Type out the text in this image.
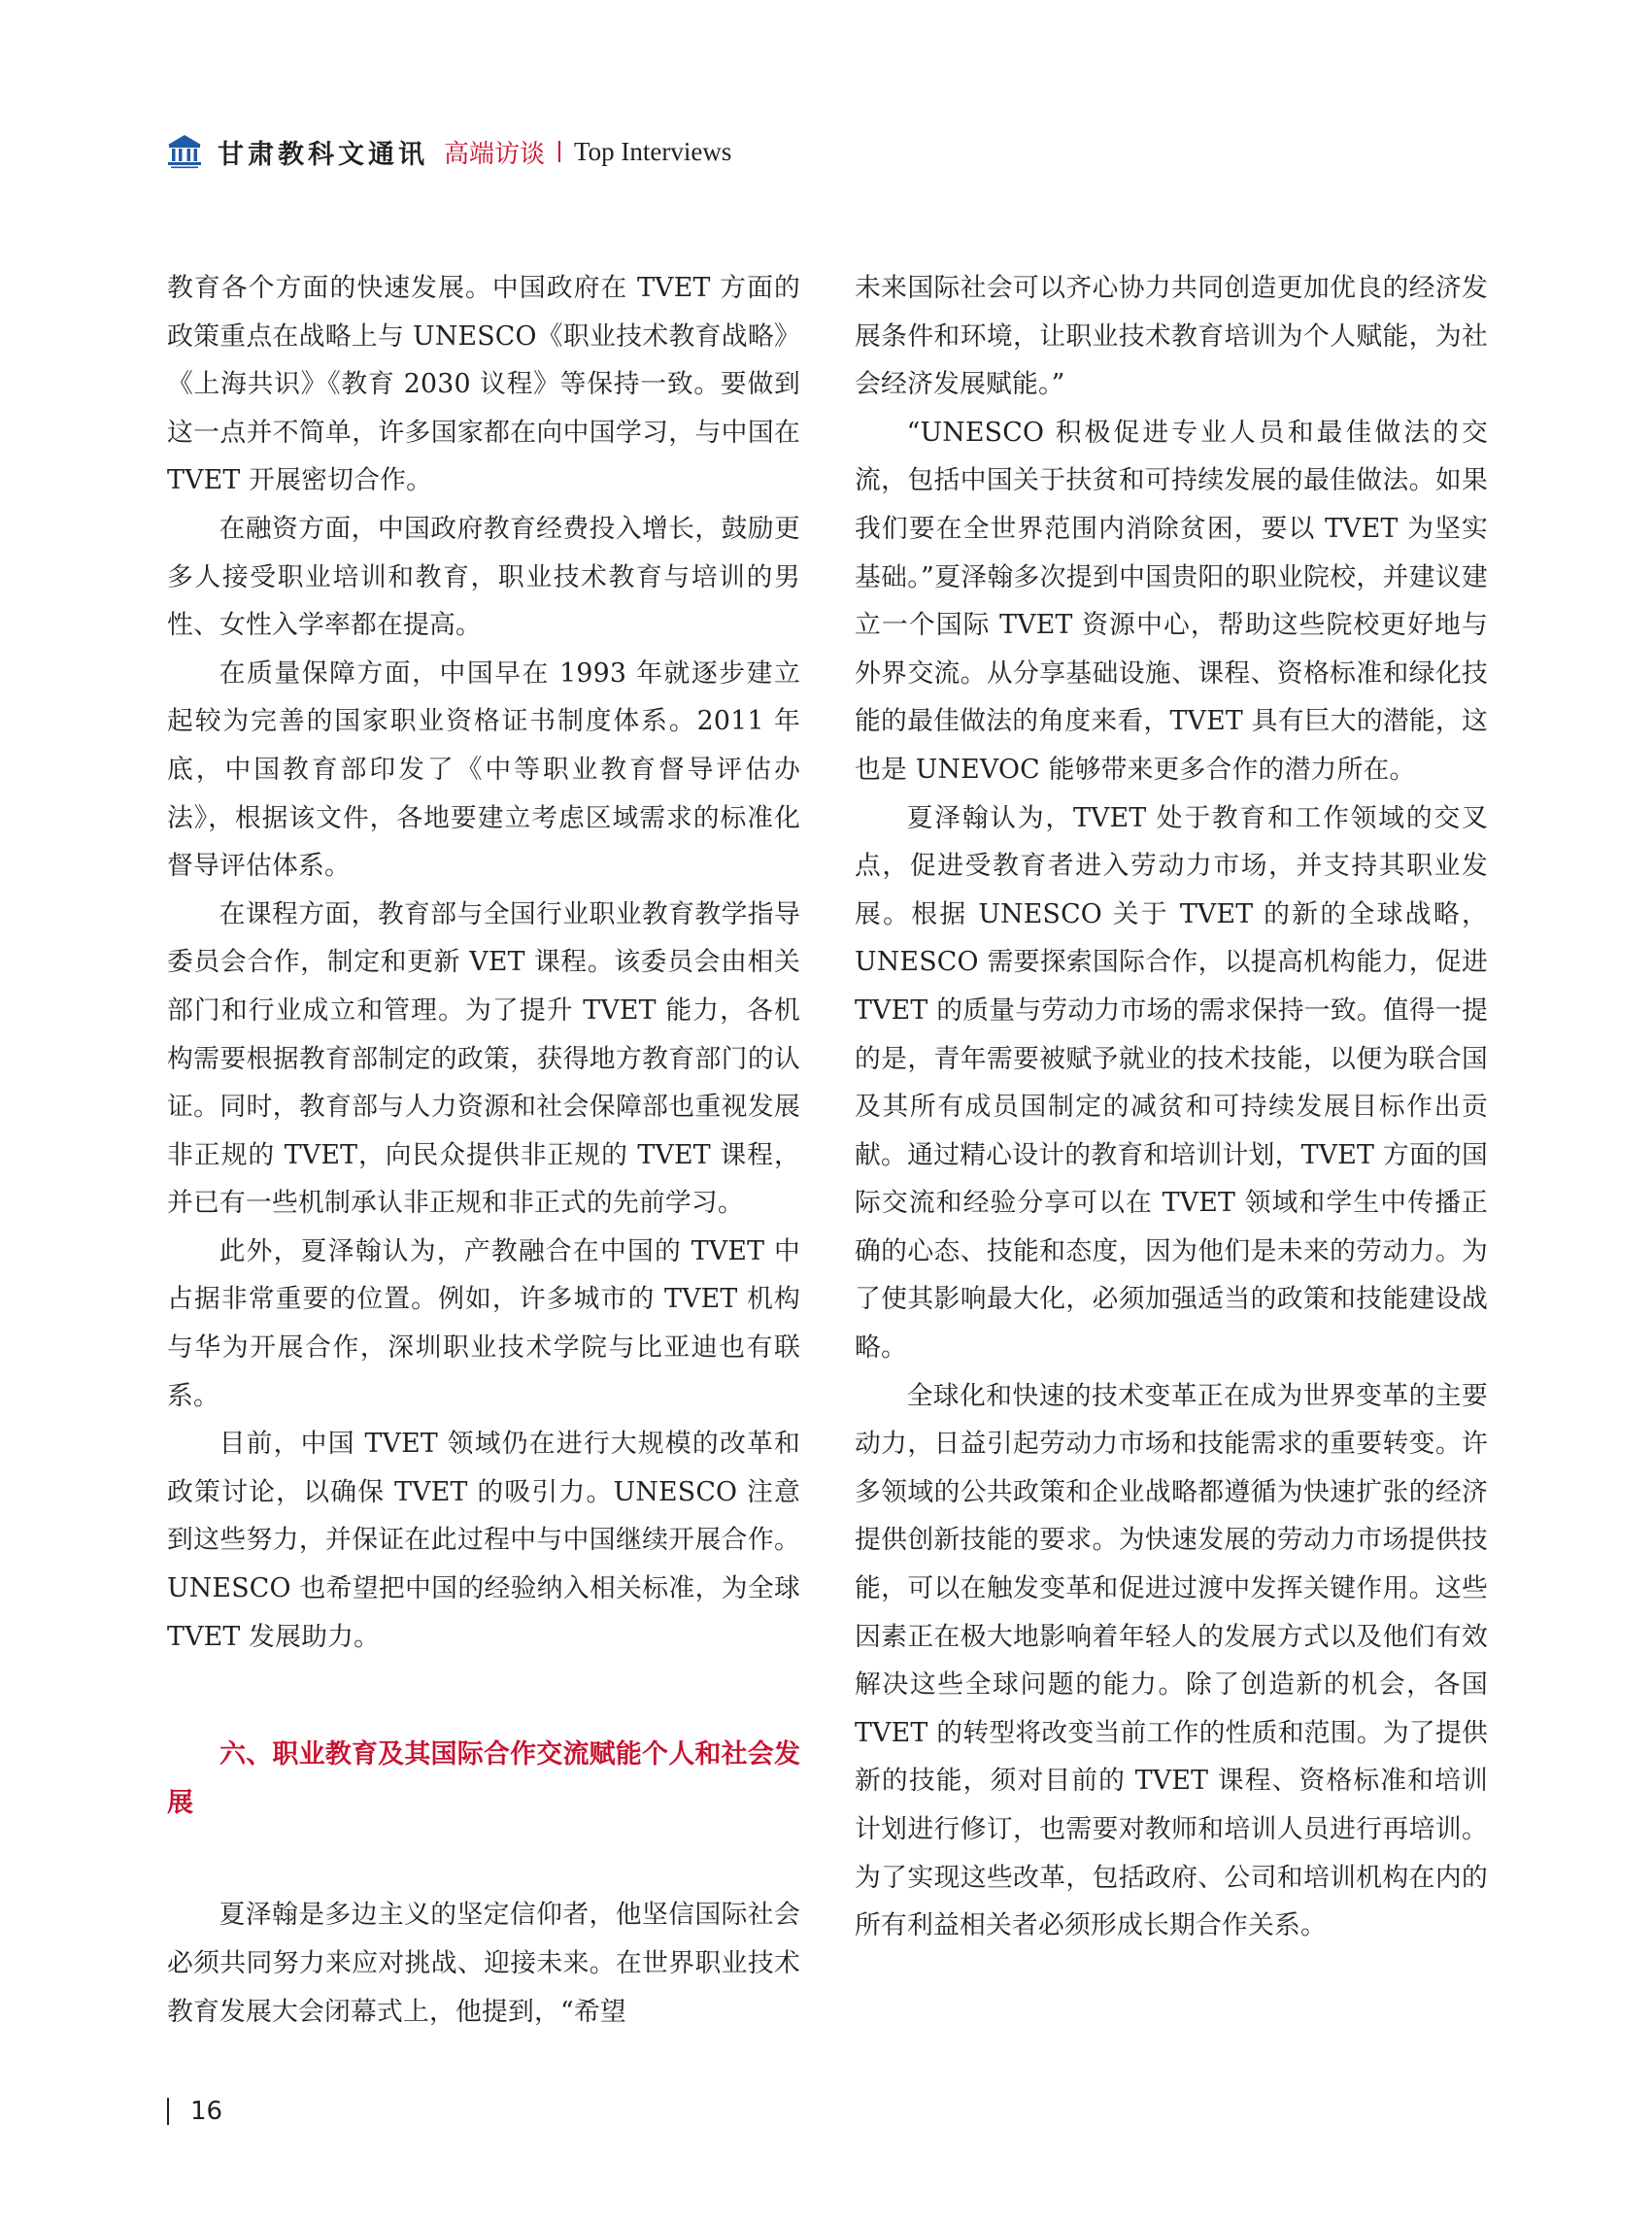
甘肃教科文通讯 高端访谈 Top Interviews

教育各个方面的快速发展。中国政府在 TVET 方面的政策重点在战略上与 UNESCO《职业技术教育战略》《上海共识》《教育 2030 议程》等保持一致。要做到这一点并不简单，许多国家都在向中国学习，与中国在 TVET 开展密切合作。

在融资方面，中国政府教育经费投入增长，鼓励更多人接受职业培训和教育，职业技术教育与培训的男性、女性入学率都在提高。

在质量保障方面，中国早在 1993 年就逐步建立起较为完善的国家职业资格证书制度体系。2011 年底，中国教育部印发了《中等职业教育督导评估办法》，根据该文件，各地要建立考虑区域需求的标准化督导评估体系。

在课程方面，教育部与全国行业职业教育教学指导委员会合作，制定和更新 VET 课程。该委员会由相关部门和行业成立和管理。为了提升 TVET 能力，各机构需要根据教育部制定的政策，获得地方教育部门的认证。同时，教育部与人力资源和社会保障部也重视发展非正规的 TVET，向民众提供非正规的 TVET 课程，并已有一些机制承认非正规和非正式的先前学习。

此外，夏泽翰认为，产教融合在中国的 TVET 中占据非常重要的位置。例如，许多城市的 TVET 机构与华为开展合作，深圳职业技术学院与比亚迪也有联系。

目前，中国 TVET 领域仍在进行大规模的改革和政策讨论，以确保 TVET 的吸引力。UNESCO 注意到这些努力，并保证在此过程中与中国继续开展合作。UNESCO 也希望把中国的经验纳入相关标准，为全球 TVET 发展助力。

六、职业教育及其国际合作交流赋能个人和社会发展

夏泽翰是多边主义的坚定信仰者，他坚信国际社会必须共同努力来应对挑战、迎接未来。在世界职业技术教育发展大会闭幕式上，他提到，“希望

未来国际社会可以齐心协力共同创造更加优良的经济发展条件和环境，让职业技术教育培训为个人赋能，为社会经济发展赋能。”

“UNESCO 积极促进专业人员和最佳做法的交流，包括中国关于扶贫和可持续发展的最佳做法。如果我们要在全世界范围内消除贫困，要以 TVET 为坚实基础。”夏泽翰多次提到中国贵阳的职业院校，并建议建立一个国际 TVET 资源中心，帮助这些院校更好地与外界交流。从分享基础设施、课程、资格标准和绿化技能的最佳做法的角度来看，TVET 具有巨大的潜能，这也是 UNEVOC 能够带来更多合作的潜力所在。

夏泽翰认为，TVET 处于教育和工作领域的交叉点，促进受教育者进入劳动力市场，并支持其职业发展。根据 UNESCO 关于 TVET 的新的全球战略，UNESCO 需要探索国际合作，以提高机构能力，促进 TVET 的质量与劳动力市场的需求保持一致。值得一提的是，青年需要被赋予就业的技术技能，以便为联合国及其所有成员国制定的减贫和可持续发展目标作出贡献。通过精心设计的教育和培训计划，TVET 方面的国际交流和经验分享可以在 TVET 领域和学生中传播正确的心态、技能和态度，因为他们是未来的劳动力。为了使其影响最大化，必须加强适当的政策和技能建设战略。

全球化和快速的技术变革正在成为世界变革的主要动力，日益引起劳动力市场和技能需求的重要转变。许多领域的公共政策和企业战略都遵循为快速扩张的经济提供创新技能的要求。为快速发展的劳动力市场提供技能，可以在触发变革和促进过渡中发挥关键作用。这些因素正在极大地影响着年轻人的发展方式以及他们有效解决这些全球问题的能力。除了创造新的机会，各国 TVET 的转型将改变当前工作的性质和范围。为了提供新的技能，须对目前的 TVET 课程、资格标准和培训计划进行修订，也需要对教师和培训人员进行再培训。为了实现这些改革，包括政府、公司和培训机构在内的所有利益相关者必须形成长期合作关系。

16
